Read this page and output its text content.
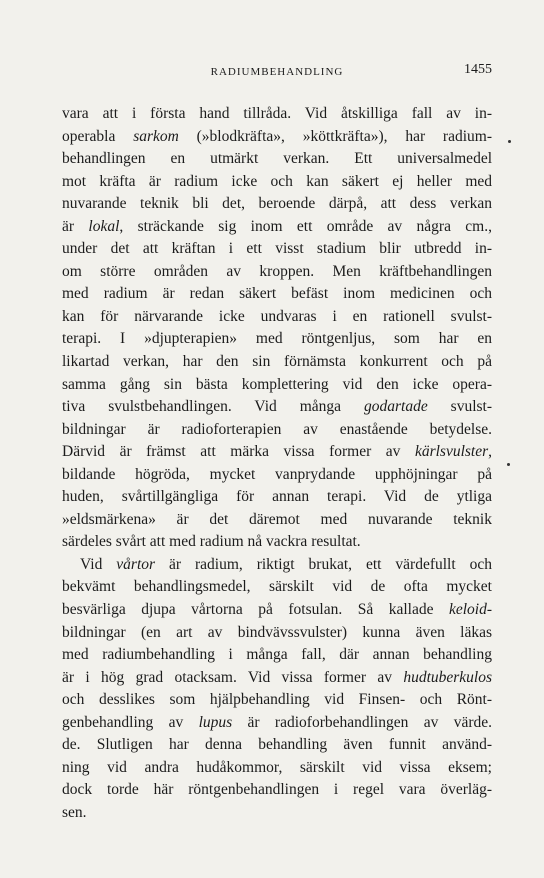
RADIUMBEHANDLING	1455
vara att i första hand tillråda. Vid åtskilliga fall av in-
operabla sarkom (»blodkräfta», »köttkräfta»), har radium-
behandlingen en utmärkt verkan. Ett universalmedel
mot kräfta är radium icke och kan säkert ej heller med
nuvarande teknik bli det, beroende därpå, att dess verkan
är lokal, sträckande sig inom ett område av några cm.,
under det att kräftan i ett visst stadium blir utbredd in-
om större områden av kroppen. Men kräftbehandlingen
med radium är redan säkert befäst inom medicinen och
kan för närvarande icke undvaras i en rationell svulst-
terapi. I »djupterapien» med röntgenljus, som har en
likartad verkan, har den sin förnämsta konkurrent och på
samma gång sin bästa komplettering vid den icke opera-
tiva svulstbehandlingen. Vid många godartade svulst-
bildningar är radioforterapien av enastående betydelse.
Därvid är främst att märka vissa former av kärlsvulster,
bildande högröda, mycket vanprydande upphöjningar på
huden, svårtillgängliga för annan terapi. Vid de ytliga
»eldsmärkena» är det däremot med nuvarande teknik
särdeles svårt att med radium nå vackra resultat.
Vid vårtor är radium, riktigt brukat, ett värdefullt och
bekvämt behandlingsmedel, särskilt vid de ofta mycket
besvärliga djupa vårtorna på fotsulan. Så kallade keloid-
bildningar (en art av bindvävssvulster) kunna även läkas
med radiumbehandling i många fall, där annan behandling
är i hög grad otacksam. Vid vissa former av hudtuberkulos
och desslikes som hjälpbehandling vid Finsen- och Rönt-
genbehandling av lupus är radioforbehandlingen av värde.
de. Slutligen har denna behandling även funnit använd-
ning vid andra hudåkommor, särskilt vid vissa eksem;
dock torde här röntgenbehandlingen i regel vara överläg-
sen.
